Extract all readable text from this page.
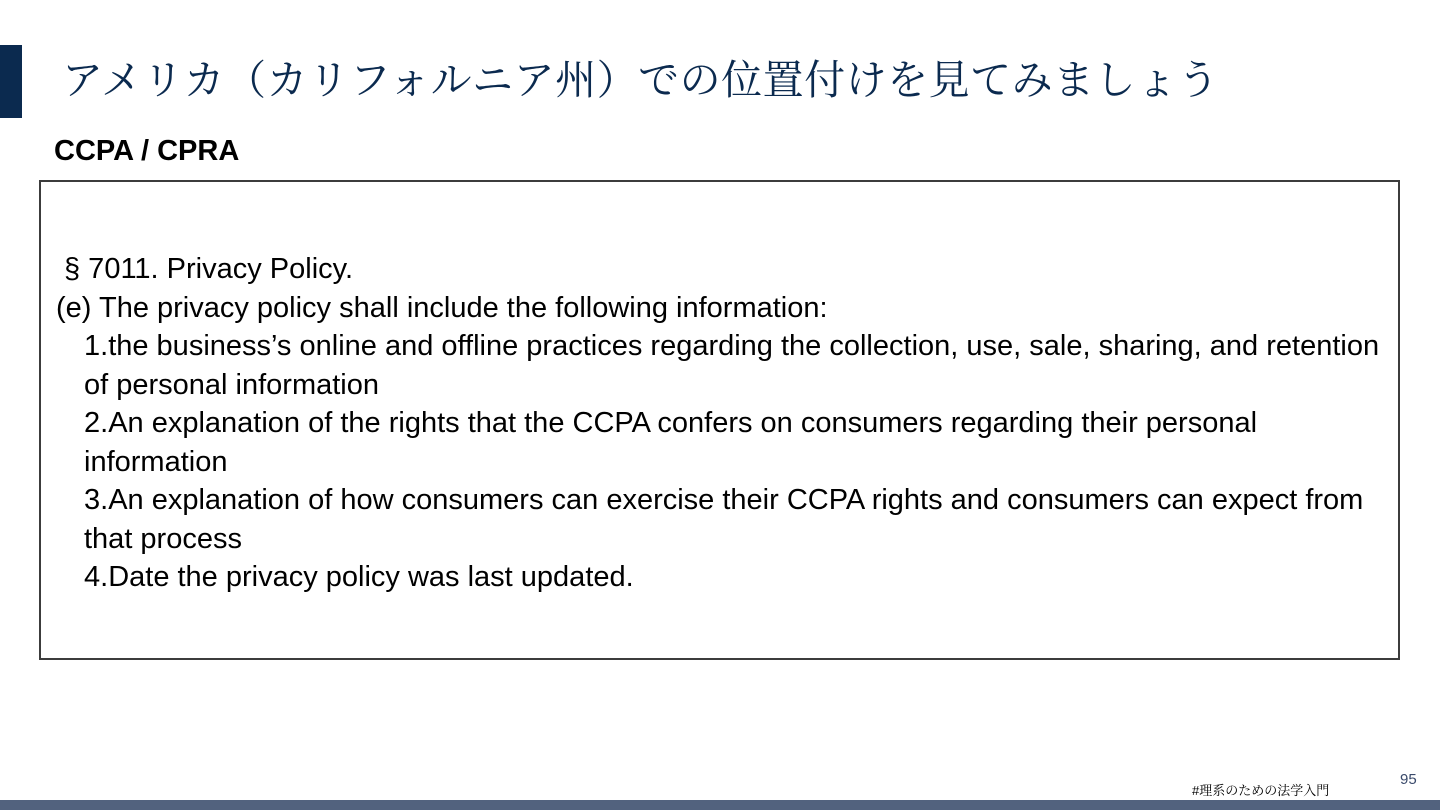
アメリカ（カリフォルニア州）での位置付けを見てみましょう
CCPA / CPRA

§ 7011. Privacy Policy.

(e) The privacy policy shall include the following information:

1.the business’s online and offline practices regarding the collection, use, sale, sharing, and retention of personal information

2.An explanation of the rights that the CCPA confers on consumers regarding their personal information

3.An explanation of how consumers can exercise their CCPA rights and consumers can expect from that process

4.Date the privacy policy was last updated.

#理系のための法学入門
95
